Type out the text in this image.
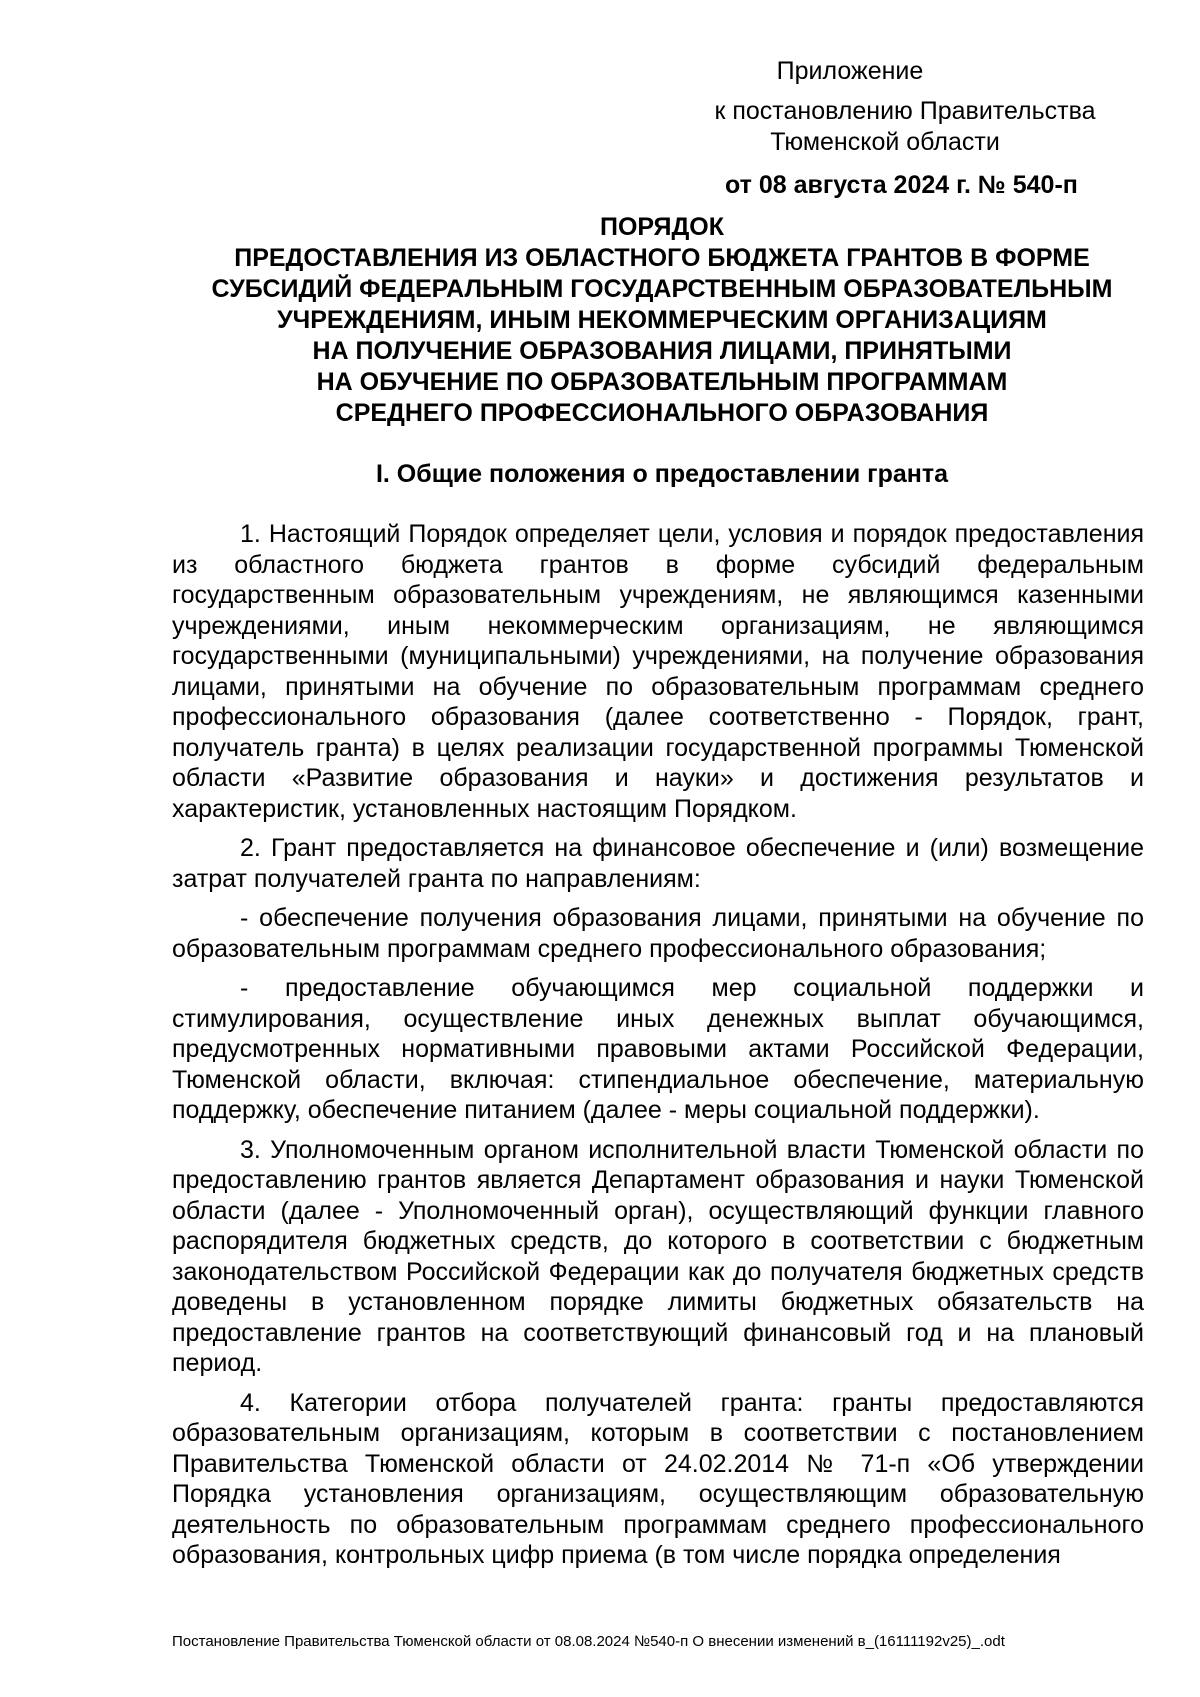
Приложение
к постановлению Правительства
Тюменской области
от 08 августа 2024 г. № 540-п
ПОРЯДОК
ПРЕДОСТАВЛЕНИЯ ИЗ ОБЛАСТНОГО БЮДЖЕТА ГРАНТОВ В ФОРМЕ
СУБСИДИЙ ФЕДЕРАЛЬНЫМ ГОСУДАРСТВЕННЫМ ОБРАЗОВАТЕЛЬНЫМ
УЧРЕЖДЕНИЯМ, ИНЫМ НЕКОММЕРЧЕСКИМ ОРГАНИЗАЦИЯМ
НА ПОЛУЧЕНИЕ ОБРАЗОВАНИЯ ЛИЦАМИ, ПРИНЯТЫМИ
НА ОБУЧЕНИЕ ПО ОБРАЗОВАТЕЛЬНЫМ ПРОГРАММАМ
СРЕДНЕГО ПРОФЕССИОНАЛЬНОГО ОБРАЗОВАНИЯ
I. Общие положения о предоставлении гранта

1. Настоящий Порядок определяет цели, условия и порядок предоставления из областного бюджета грантов в форме субсидий федеральным государственным образовательным учреждениям, не являющимся казенными учреждениями, иным некоммерческим организациям, не являющимся государственными (муниципальными) учреждениями, на получение образования лицами, принятыми на обучение по образовательным программам среднего профессионального образования (далее соответственно - Порядок, грант, получатель гранта) в целях реализации государственной программы Тюменской области «Развитие образования и науки» и достижения результатов и характеристик, установленных настоящим Порядком.

2. Грант предоставляется на финансовое обеспечение и (или) возмещение затрат получателей гранта по направлениям:

- обеспечение получения образования лицами, принятыми на обучение по образовательным программам среднего профессионального образования;

- предоставление обучающимся мер социальной поддержки и стимулирования, осуществление иных денежных выплат обучающимся, предусмотренных нормативными правовыми актами Российской Федерации, Тюменской области, включая: стипендиальное обеспечение, материальную поддержку, обеспечение питанием (далее - меры социальной поддержки).

3. Уполномоченным органом исполнительной власти Тюменской области по предоставлению грантов является Департамент образования и науки Тюменской области (далее - Уполномоченный орган), осуществляющий функции главного распорядителя бюджетных средств, до которого в соответствии с бюджетным законодательством Российской Федерации как до получателя бюджетных средств доведены в установленном порядке лимиты бюджетных обязательств на предоставление грантов на соответствующий финансовый год и на плановый период.

4. Категории отбора получателей гранта: гранты предоставляются образовательным организациям, которым в соответствии с постановлением Правительства Тюменской области от 24.02.2014 № 71-п «Об утверждении Порядка установления организациям, осуществляющим образовательную деятельность по образовательным программам среднего профессионального образования, контрольных цифр приема (в том числе порядка определения

Постановление Правительства Тюменской области от 08.08.2024 №540-п О внесении изменений в_(16111192v25)_.odt
